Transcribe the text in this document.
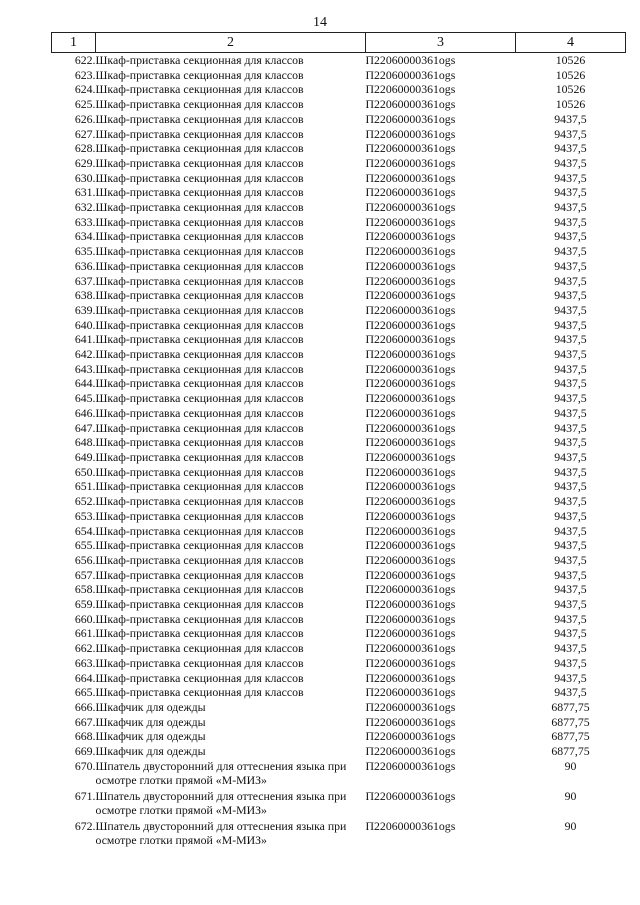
14
1	2	3	4
622.	Шкаф-приставка секционная для классов	П22060000361ogs	10526
623.	Шкаф-приставка секционная для классов	П22060000361ogs	10526
624.	Шкаф-приставка секционная для классов	П22060000361ogs	10526
625.	Шкаф-приставка секционная для классов	П22060000361ogs	10526
626.	Шкаф-приставка секционная для классов	П22060000361ogs	9437,5
627.	Шкаф-приставка секционная для классов	П22060000361ogs	9437,5
628.	Шкаф-приставка секционная для классов	П22060000361ogs	9437,5
629.	Шкаф-приставка секционная для классов	П22060000361ogs	9437,5
630.	Шкаф-приставка секционная для классов	П22060000361ogs	9437,5
631.	Шкаф-приставка секционная для классов	П22060000361ogs	9437,5
632.	Шкаф-приставка секционная для классов	П22060000361ogs	9437,5
633.	Шкаф-приставка секционная для классов	П22060000361ogs	9437,5
634.	Шкаф-приставка секционная для классов	П22060000361ogs	9437,5
635.	Шкаф-приставка секционная для классов	П22060000361ogs	9437,5
636.	Шкаф-приставка секционная для классов	П22060000361ogs	9437,5
637.	Шкаф-приставка секционная для классов	П22060000361ogs	9437,5
638.	Шкаф-приставка секционная для классов	П22060000361ogs	9437,5
639.	Шкаф-приставка секционная для классов	П22060000361ogs	9437,5
640.	Шкаф-приставка секционная для классов	П22060000361ogs	9437,5
641.	Шкаф-приставка секционная для классов	П22060000361ogs	9437,5
642.	Шкаф-приставка секционная для классов	П22060000361ogs	9437,5
643.	Шкаф-приставка секционная для классов	П22060000361ogs	9437,5
644.	Шкаф-приставка секционная для классов	П22060000361ogs	9437,5
645.	Шкаф-приставка секционная для классов	П22060000361ogs	9437,5
646.	Шкаф-приставка секционная для классов	П22060000361ogs	9437,5
647.	Шкаф-приставка секционная для классов	П22060000361ogs	9437,5
648.	Шкаф-приставка секционная для классов	П22060000361ogs	9437,5
649.	Шкаф-приставка секционная для классов	П22060000361ogs	9437,5
650.	Шкаф-приставка секционная для классов	П22060000361ogs	9437,5
651.	Шкаф-приставка секционная для классов	П22060000361ogs	9437,5
652.	Шкаф-приставка секционная для классов	П22060000361ogs	9437,5
653.	Шкаф-приставка секционная для классов	П22060000361ogs	9437,5
654.	Шкаф-приставка секционная для классов	П22060000361ogs	9437,5
655.	Шкаф-приставка секционная для классов	П22060000361ogs	9437,5
656.	Шкаф-приставка секционная для классов	П22060000361ogs	9437,5
657.	Шкаф-приставка секционная для классов	П22060000361ogs	9437,5
658.	Шкаф-приставка секционная для классов	П22060000361ogs	9437,5
659.	Шкаф-приставка секционная для классов	П22060000361ogs	9437,5
660.	Шкаф-приставка секционная для классов	П22060000361ogs	9437,5
661.	Шкаф-приставка секционная для классов	П22060000361ogs	9437,5
662.	Шкаф-приставка секционная для классов	П22060000361ogs	9437,5
663.	Шкаф-приставка секционная для классов	П22060000361ogs	9437,5
664.	Шкаф-приставка секционная для классов	П22060000361ogs	9437,5
665.	Шкаф-приставка секционная для классов	П22060000361ogs	9437,5
666.	Шкафчик для одежды	П22060000361ogs	6877,75
667.	Шкафчик для одежды	П22060000361ogs	6877,75
668.	Шкафчик для одежды	П22060000361ogs	6877,75
669.	Шкафчик для одежды	П22060000361ogs	6877,75
670.	Шпатель двусторонний для оттеснения языка при осмотре глотки прямой «М-МИЗ»	П22060000361ogs	90
671.	Шпатель двусторонний для оттеснения языка при осмотре глотки прямой «М-МИЗ»	П22060000361ogs	90
672.	Шпатель двусторонний для оттеснения языка при осмотре глотки прямой «М-МИЗ»	П22060000361ogs	90
